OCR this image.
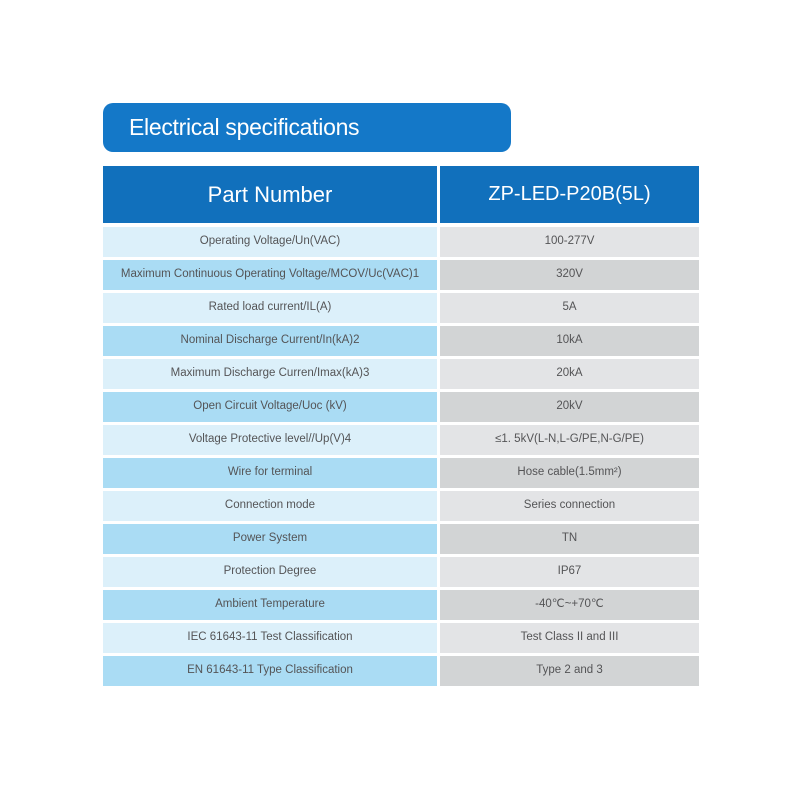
Electrical specifications
Part Number	ZP-LED-P20B(5L)
Operating Voltage/Un(VAC)	100-277V
Maximum Continuous Operating Voltage/MCOV/Uc(VAC)1	320V
Rated load current/IL(A)	5A
Nominal Discharge Current/In(kA)2	10kA
Maximum Discharge Curren/Imax(kA)3	20kA
Open Circuit Voltage/Uoc (kV)	20kV
Voltage Protective level//Up(V)4	≤1. 5kV(L-N,L-G/PE,N-G/PE)
Wire for terminal	Hose cable(1.5mm²)
Connection mode	Series connection
Power System	TN
Protection Degree	IP67
Ambient Temperature	-40℃~+70℃
IEC 61643-11 Test Classification	Test Class II and III
EN 61643-11 Type Classification	Type 2 and 3
